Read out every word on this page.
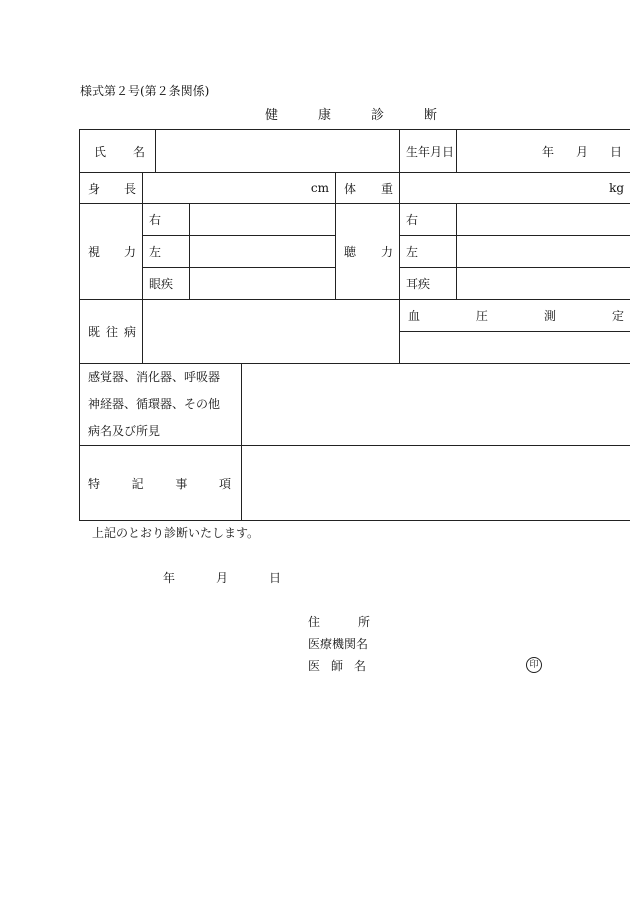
様式第２号(第２条関係)
健	康	診	断
氏 名						生年月日	年 月 日

身 長	cm				体 重	kg	

視 力	右				聴 力	右	
	左					左	
	眼疾					耳疾	

既 往 病						血 圧 測 定	

感覚器、消化器、呼吸器
神経器、循環器、その他
病名及び所見							

特 記 事 項							

上記のとおり診断いたします。
年	月	日
住	所
医療機関名
医 師 名	印
